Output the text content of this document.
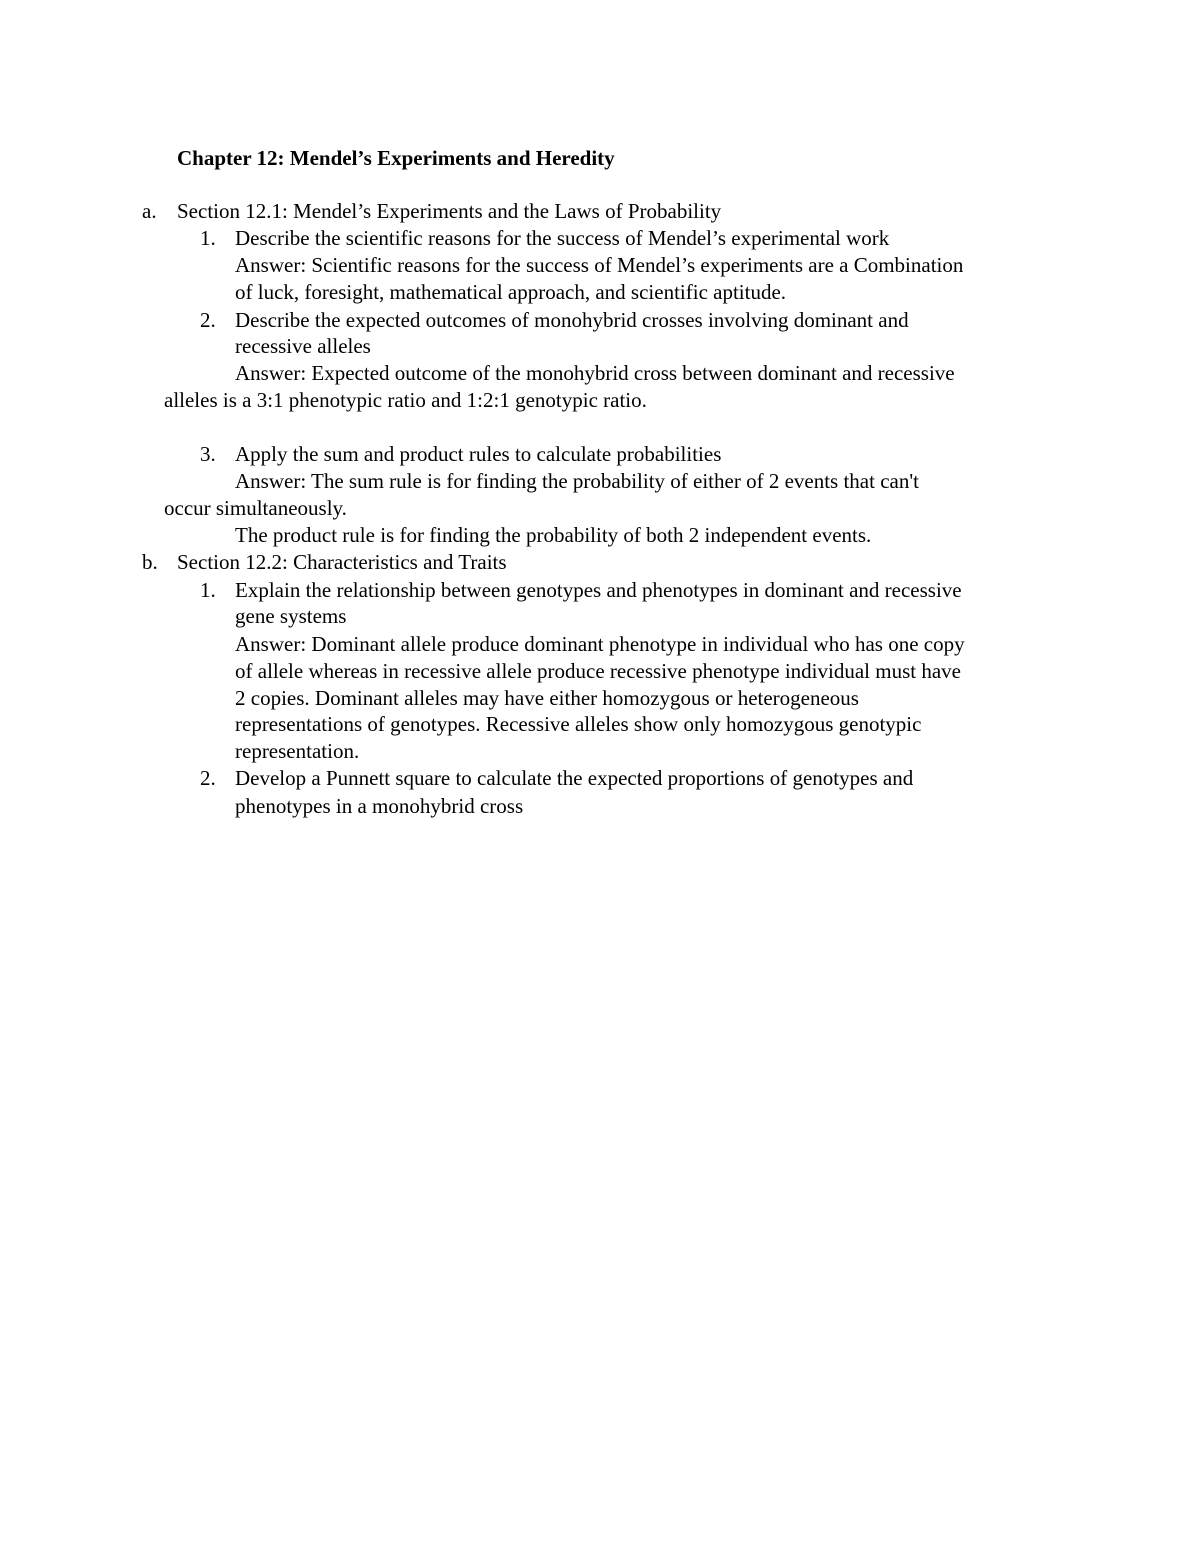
Chapter 12: Mendel’s Experiments and Heredity
a. Section 12.1: Mendel’s Experiments and the Laws of Probability
1. Describe the scientific reasons for the success of Mendel’s experimental work
Answer: Scientific reasons for the success of Mendel’s experiments are a Combination
of luck, foresight, mathematical approach, and scientific aptitude.
2. Describe the expected outcomes of monohybrid crosses involving dominant and
recessive alleles
Answer: Expected outcome of the monohybrid cross between dominant and recessive
alleles is a 3:1 phenotypic ratio and 1:2:1 genotypic ratio.
3. Apply the sum and product rules to calculate probabilities
Answer: The sum rule is for finding the probability of either of 2 events that can't
occur simultaneously.
The product rule is for finding the probability of both 2 independent events.
b. Section 12.2: Characteristics and Traits
1. Explain the relationship between genotypes and phenotypes in dominant and recessive
gene systems
Answer: Dominant allele produce dominant phenotype in individual who has one copy
of allele whereas in recessive allele produce recessive phenotype individual must have
2 copies. Dominant alleles may have either homozygous or heterogeneous
representations of genotypes. Recessive alleles show only homozygous genotypic
representation.
2. Develop a Punnett square to calculate the expected proportions of genotypes and
phenotypes in a monohybrid cross
